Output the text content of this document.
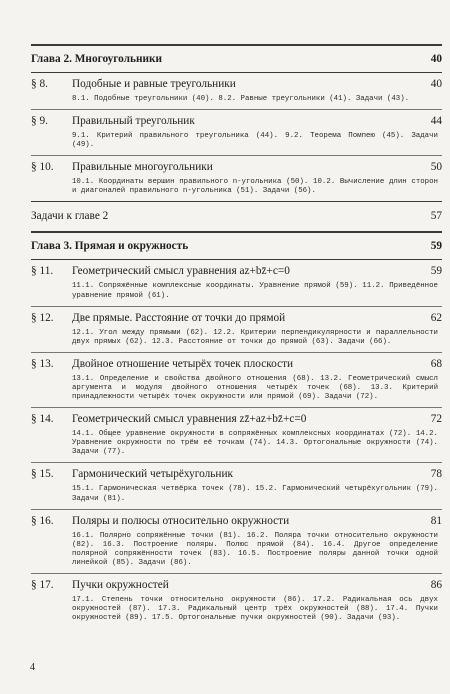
Глава 2. Многоугольники	40
§ 8.	Подобные и равные треугольники	40
8.1. Подобные треугольники (40). 8.2. Равные треугольники (41). Задачи (43).
§ 9.	Правильный треугольник	44
9.1. Критерий правильного треугольника (44). 9.2. Теорема Помпею (45). Задачи (49).
§ 10.	Правильные многоугольники	50
10.1. Координаты вершин правильного n-угольника (50). 10.2. Вычисление длин сторон и диагоналей правильного n-угольника (51). Задачи (56).
Задачи к главе 2	57
Глава 3. Прямая и окружность	59
§ 11.	Геометрический смысл уравнения az+bz̄+c=0	59
11.1. Сопряжённые комплексные координаты. Уравнение прямой (59). 11.2. Приведённое уравнение прямой (61).
§ 12.	Две прямые. Расстояние от точки до прямой	62
12.1. Угол между прямыми (62). 12.2. Критерии перпендикулярности и параллельности двух прямых (62). 12.3. Расстояние от точки до прямой (63). Задачи (66).
§ 13.	Двойное отношение четырёх точек плоскости	68
13.1. Определение и свойства двойного отношения (68). 13.2. Геометрический смысл аргумента и модуля двойного отношения четырёх точек (68). 13.3. Критерий принадлежности четырёх точек окружности или прямой (69). Задачи (72).
§ 14.	Геометрический смысл уравнения zz̄+az+bz̄+c=0	72
14.1. Общее уравнение окружности в сопряжённых комплексных координатах (72). 14.2. Уравнение окружности по трём её точкам (74). 14.3. Ортогональные окружности (74). Задачи (77).
§ 15.	Гармонический четырёхугольник	78
15.1. Гармоническая четвёрка точек (78). 15.2. Гармонический четырёхугольник (79). Задачи (81).
§ 16.	Поляры и полюсы относительно окружности	81
16.1. Полярно сопряжённые точки (81). 16.2. Поляра точки относительно окружности (82). 16.3. Построение поляры. Полюс прямой (84). 16.4. Другое определение полярной сопряжённости точек (83). 16.5. Построение поляры данной точки одной линейкой (85). Задачи (86).
§ 17.	Пучки окружностей	86
17.1. Степень точки относительно окружности (86). 17.2. Радикальная ось двух окружностей (87). 17.3. Радикальный центр трёх окружностей (88). 17.4. Пучки окружностей (89). 17.5. Ортогональные пучки окружностей (90). Задачи (93).
4
